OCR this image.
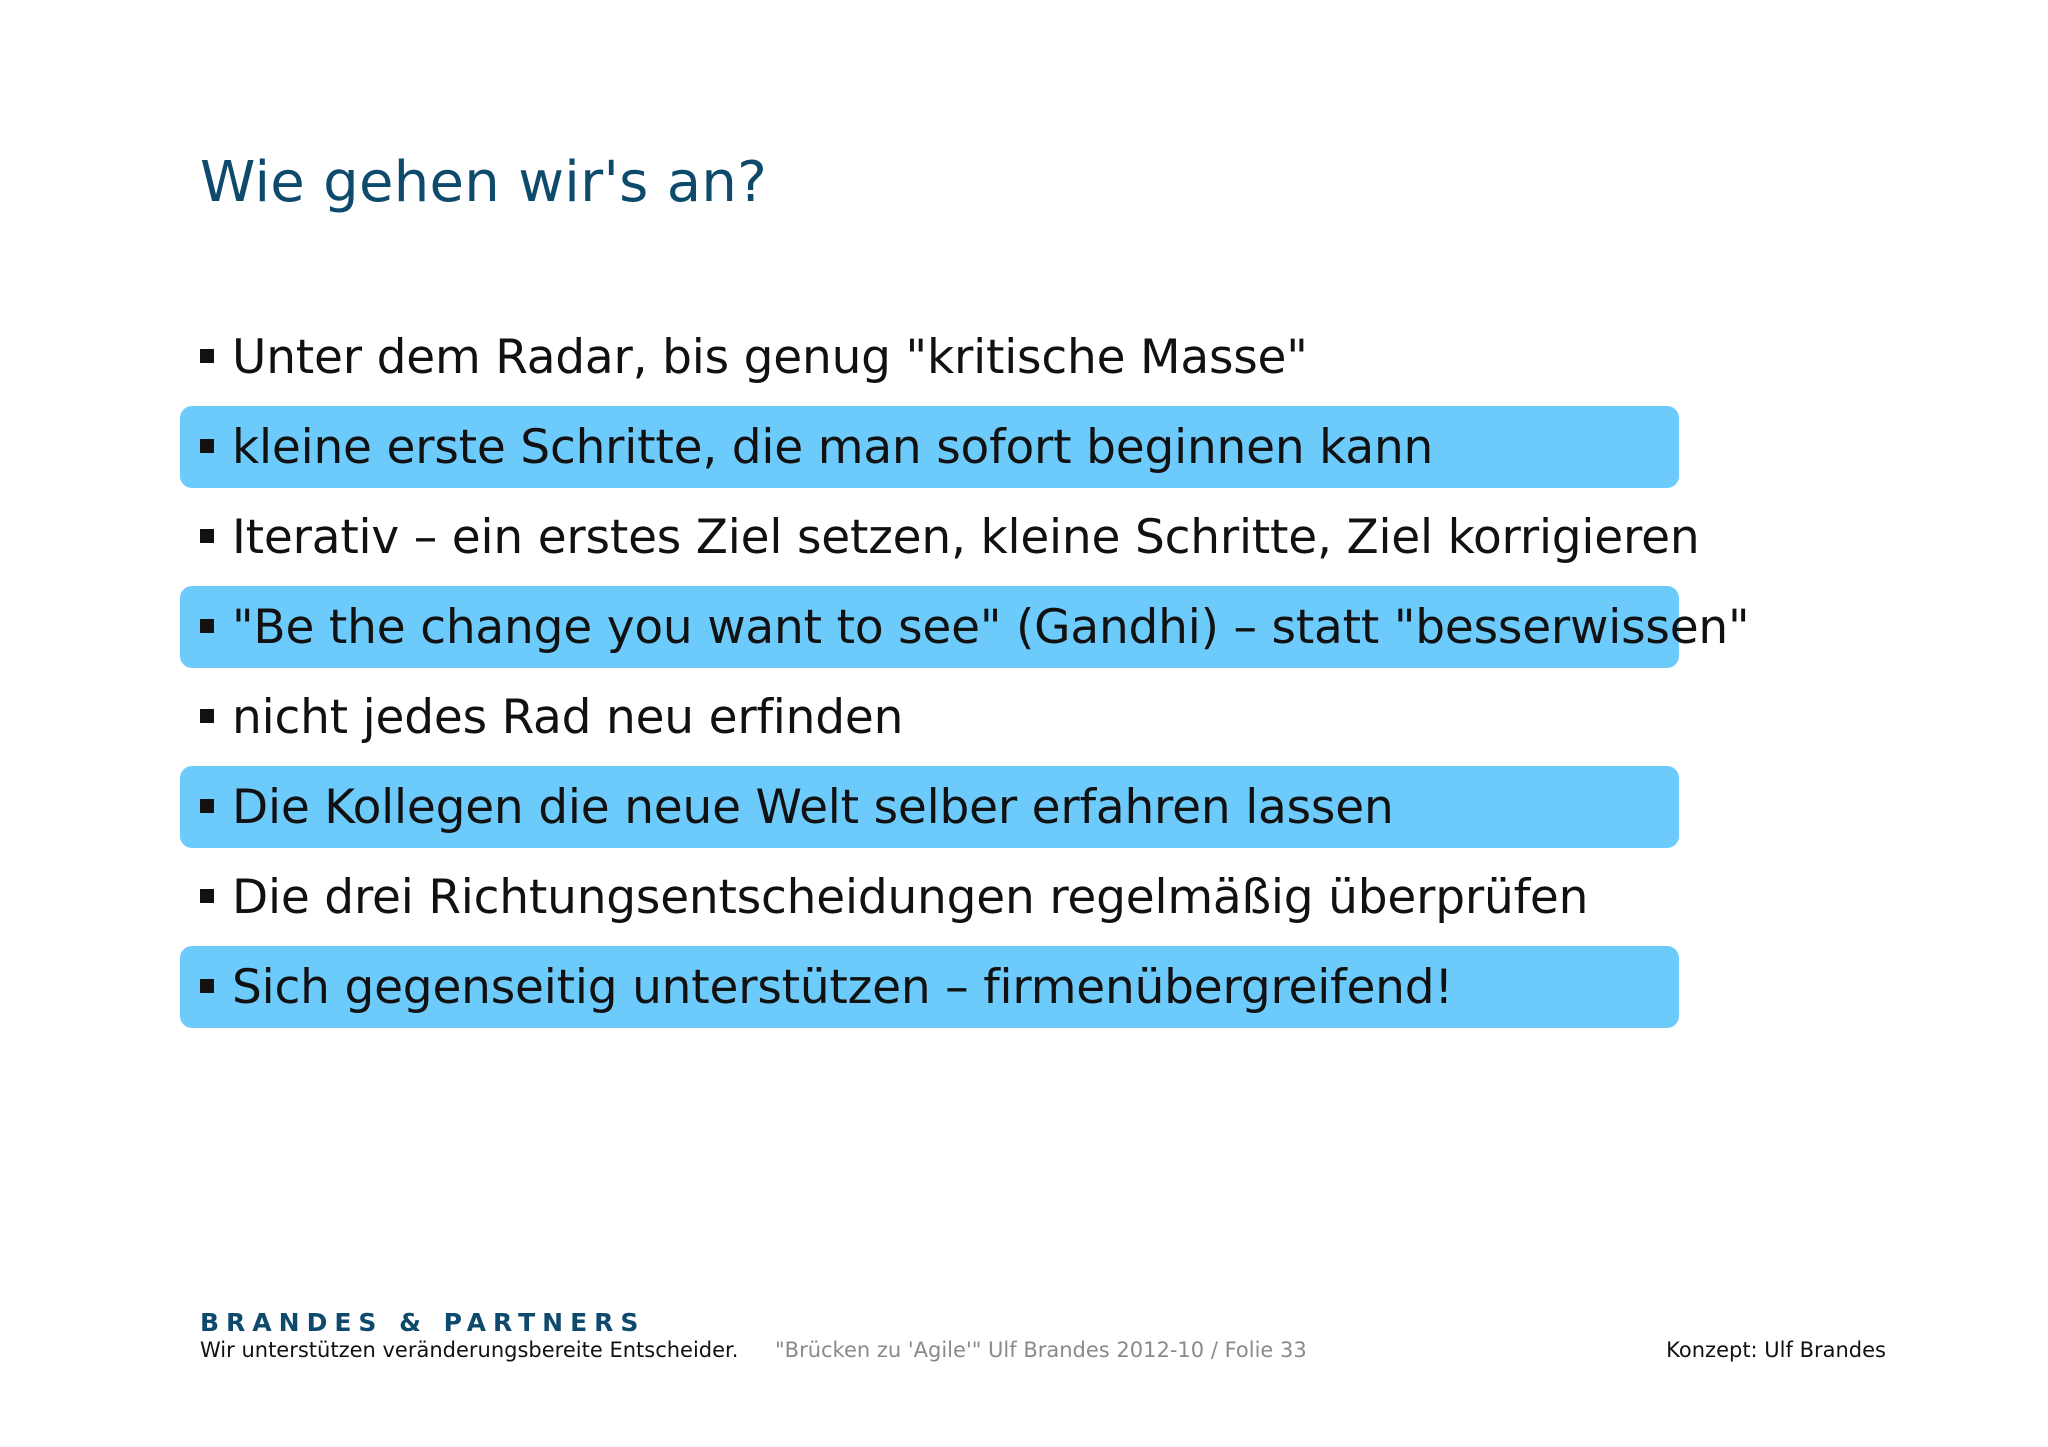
Wie gehen wir's an?
Unter dem Radar, bis genug "kritische Masse"
kleine erste Schritte, die man sofort beginnen kann
Iterativ – ein erstes Ziel setzen, kleine Schritte, Ziel korrigieren
"Be the change you want to see" (Gandhi) – statt "besserwissen"
nicht jedes Rad neu erfinden
Die Kollegen die neue Welt selber erfahren lassen
Die drei Richtungsentscheidungen regelmäßig überprüfen
Sich gegenseitig unterstützen – firmenübergreifend!
BRANDES & PARTNERS
Wir unterstützen veränderungsbereite Entscheider. "Brücken zu 'Agile'" Ulf Brandes 2012-10 / Folie 33	Konzept: Ulf Brandes
